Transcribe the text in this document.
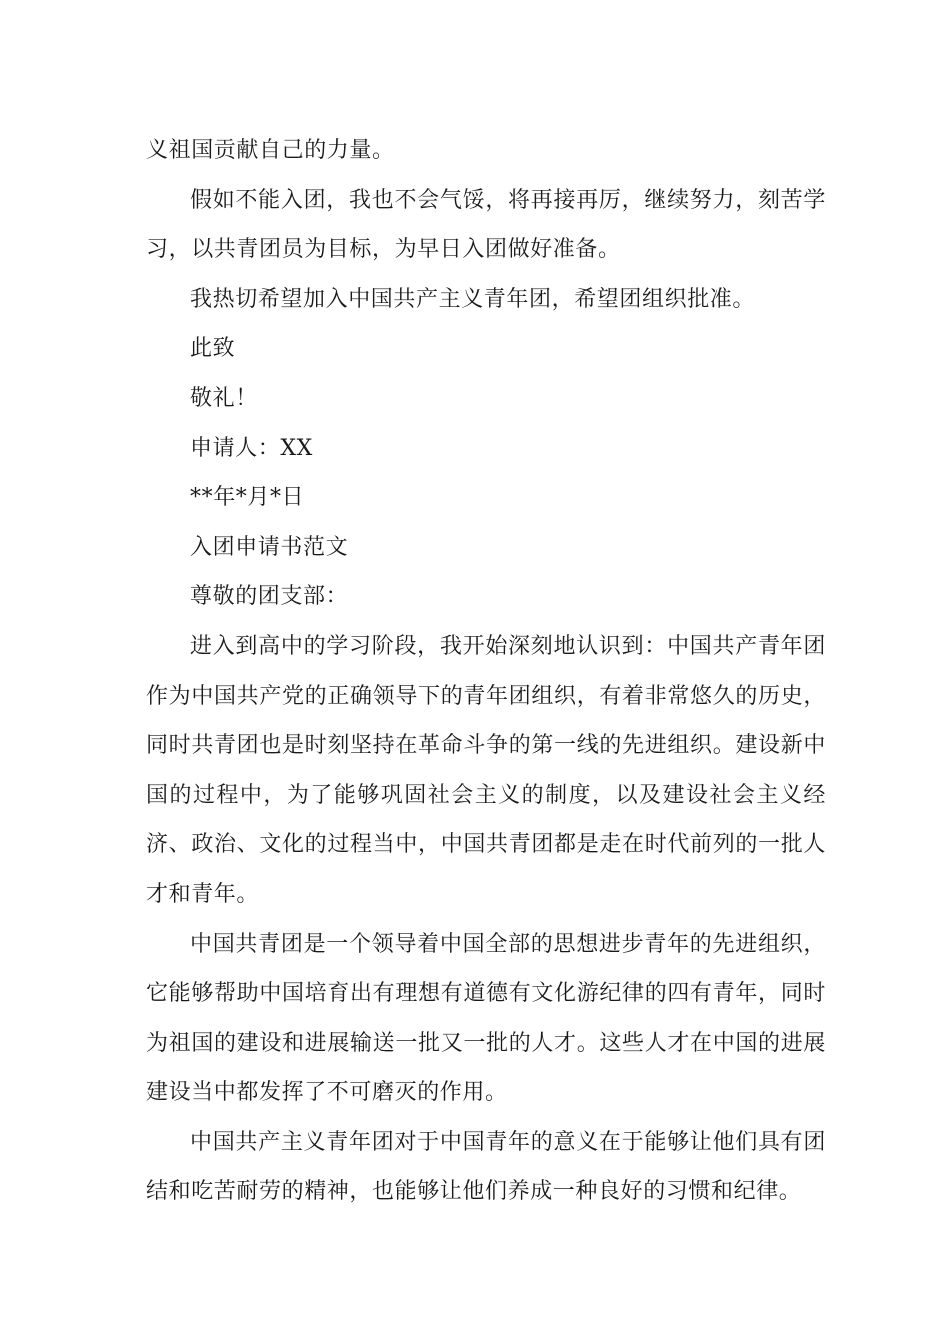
义祖国贡献自己的力量。

假如不能入团，我也不会气馁，将再接再厉，继续努力，刻苦学习，以共青团员为目标，为早日入团做好准备。

我热切希望加入中国共产主义青年团，希望团组织批准。

此致

敬礼！

申请人：XX

**年*月*日

入团申请书范文

尊敬的团支部：

进入到高中的学习阶段，我开始深刻地认识到：中国共产青年团作为中国共产党的正确领导下的青年团组织，有着非常悠久的历史，同时共青团也是时刻坚持在革命斗争的第一线的先进组织。建设新中国的过程中，为了能够巩固社会主义的制度，以及建设社会主义经济、政治、文化的过程当中，中国共青团都是走在时代前列的一批人才和青年。

中国共青团是一个领导着中国全部的思想进步青年的先进组织，它能够帮助中国培育出有理想有道德有文化游纪律的四有青年，同时为祖国的建设和进展输送一批又一批的人才。这些人才在中国的进展建设当中都发挥了不可磨灭的作用。

中国共产主义青年团对于中国青年的意义在于能够让他们具有团结和吃苦耐劳的精神，也能够让他们养成一种良好的习惯和纪律。
